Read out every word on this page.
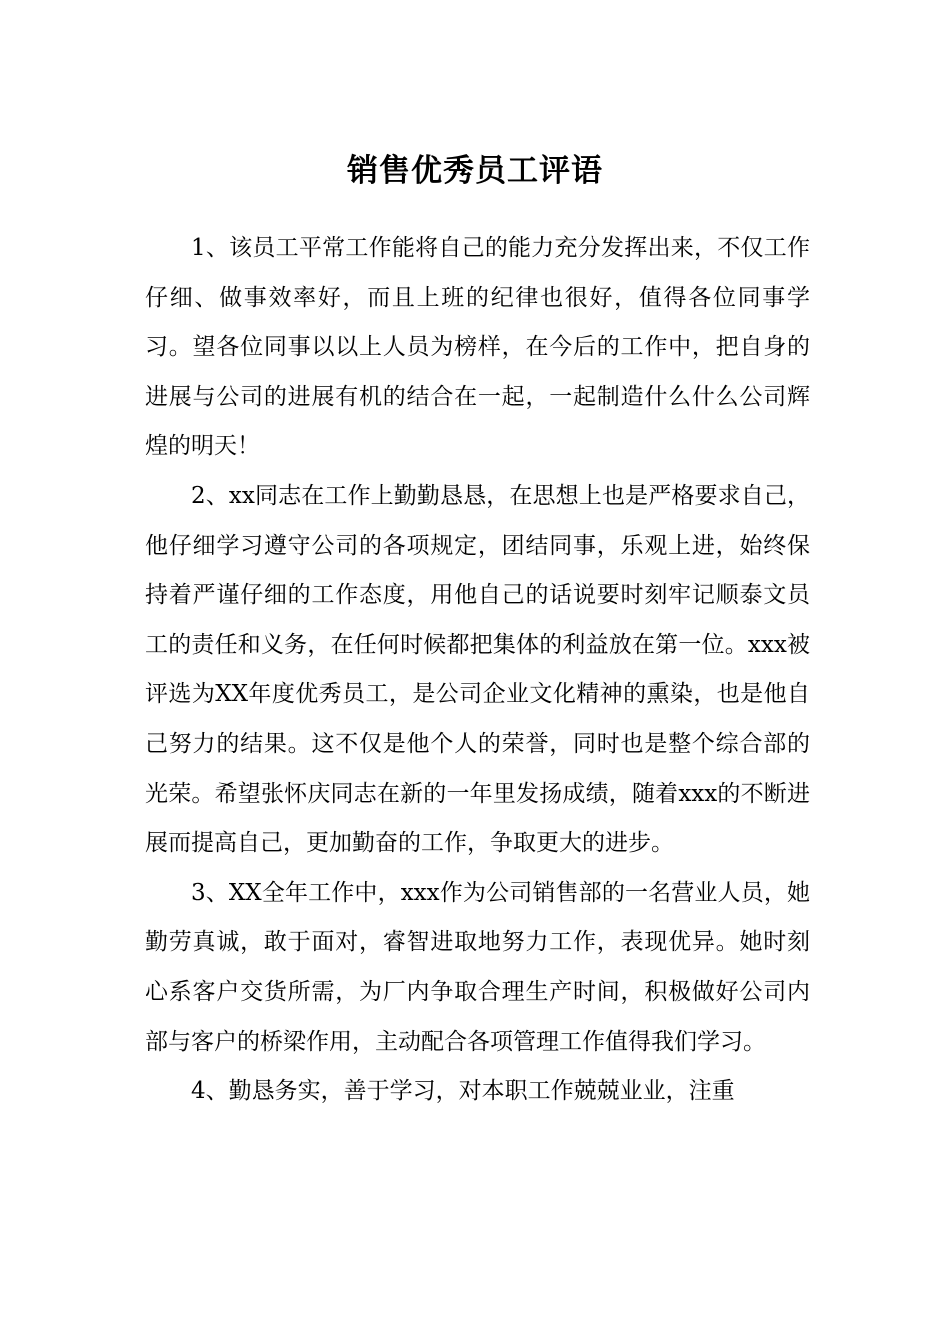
销售优秀员工评语

1、该员工平常工作能将自己的能力充分发挥出来，不仅工作仔细、做事效率好，而且上班的纪律也很好，值得各位同事学习。望各位同事以以上人员为榜样，在今后的工作中，把自身的进展与公司的进展有机的结合在一起，一起制造什么什么公司辉煌的明天！

2、xx同志在工作上勤勤恳恳，在思想上也是严格要求自己，他仔细学习遵守公司的各项规定，团结同事，乐观上进，始终保持着严谨仔细的工作态度，用他自己的话说要时刻牢记顺泰文员工的责任和义务，在任何时候都把集体的利益放在第一位。xxx被评选为XX年度优秀员工，是公司企业文化精神的熏染，也是他自己努力的结果。这不仅是他个人的荣誉，同时也是整个综合部的光荣。希望张怀庆同志在新的一年里发扬成绩，随着xxx的不断进展而提高自己，更加勤奋的工作，争取更大的进步。

3、XX全年工作中，xxx作为公司销售部的一名营业人员，她勤劳真诚，敢于面对，睿智进取地努力工作，表现优异。她时刻心系客户交货所需，为厂内争取合理生产时间，积极做好公司内部与客户的桥梁作用，主动配合各项管理工作值得我们学习。

4、勤恳务实，善于学习，对本职工作兢兢业业，注重
